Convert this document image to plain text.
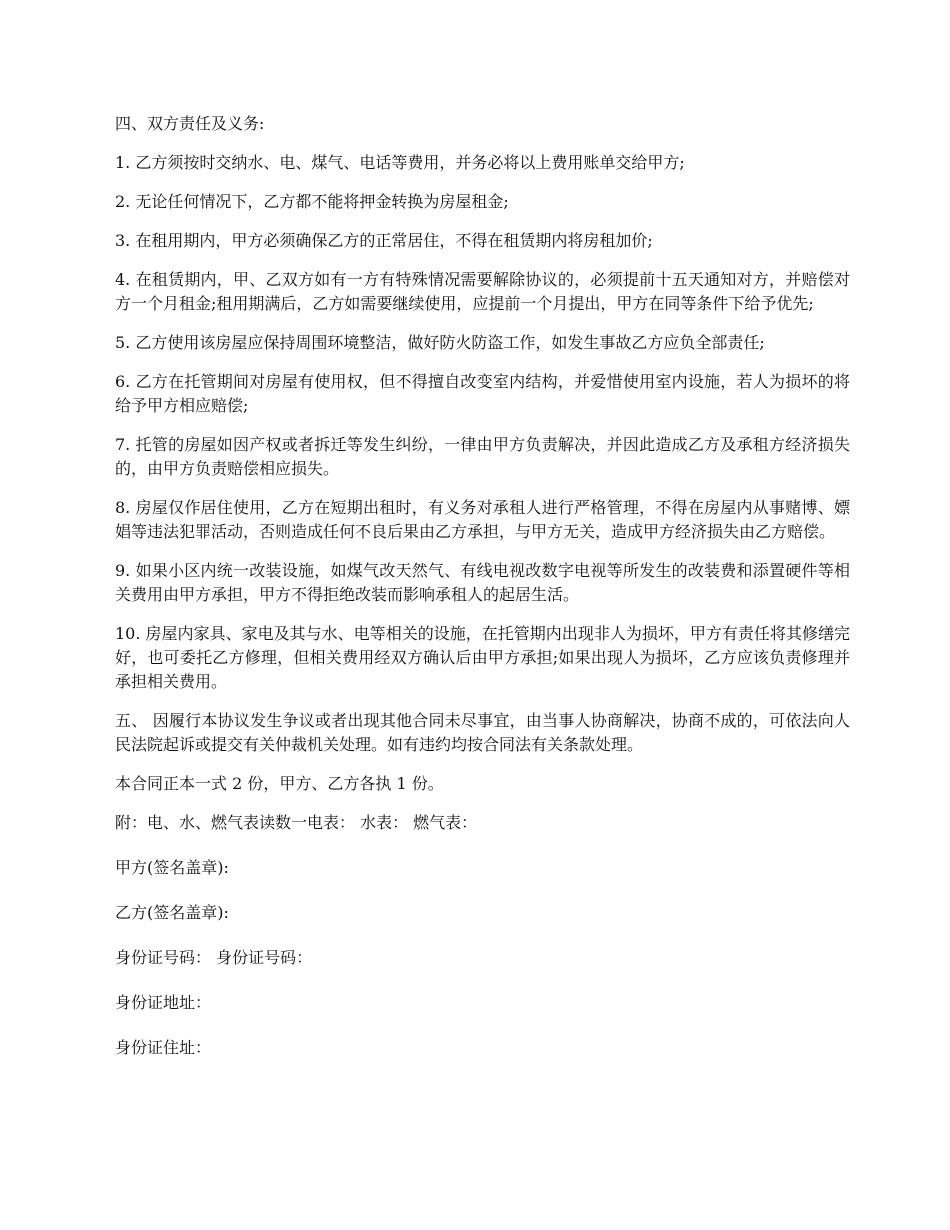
四、双方责任及义务:

1. 乙方须按时交纳水、电、煤气、电话等费用，并务必将以上费用账单交给甲方;

2. 无论任何情况下，乙方都不能将押金转换为房屋租金;

3. 在租用期内，甲方必须确保乙方的正常居住，不得在租赁期内将房租加价;

4. 在租赁期内，甲、乙双方如有一方有特殊情况需要解除协议的，必须提前十五天通知对方，并赔偿对方一个月租金;租用期满后，乙方如需要继续使用，应提前一个月提出，甲方在同等条件下给予优先;

5. 乙方使用该房屋应保持周围环境整洁，做好防火防盗工作，如发生事故乙方应负全部责任;

6. 乙方在托管期间对房屋有使用权，但不得擅自改变室内结构，并爱惜使用室内设施，若人为损坏的将给予甲方相应赔偿;

7. 托管的房屋如因产权或者拆迁等发生纠纷，一律由甲方负责解决，并因此造成乙方及承租方经济损失的，由甲方负责赔偿相应损失。

8. 房屋仅作居住使用，乙方在短期出租时，有义务对承租人进行严格管理，不得在房屋内从事赌博、嫖娼等违法犯罪活动，否则造成任何不良后果由乙方承担，与甲方无关，造成甲方经济损失由乙方赔偿。

9. 如果小区内统一改装设施，如煤气改天然气、有线电视改数字电视等所发生的改装费和添置硬件等相关费用由甲方承担，甲方不得拒绝改装而影响承租人的起居生活。

10. 房屋内家具、家电及其与水、电等相关的设施，在托管期内出现非人为损坏，甲方有责任将其修缮完好，也可委托乙方修理，但相关费用经双方确认后由甲方承担;如果出现人为损坏，乙方应该负责修理并承担相关费用。

五、 因履行本协议发生争议或者出现其他合同未尽事宜，由当事人协商解决，协商不成的，可依法向人民法院起诉或提交有关仲裁机关处理。如有违约均按合同法有关条款处理。

本合同正本一式 2 份，甲方、乙方各执 1 份。

附：电、水、燃气表读数一电表： 水表： 燃气表：

甲方(签名盖章):

乙方(签名盖章):

身份证号码： 身份证号码：

身份证地址：

身份证住址：
